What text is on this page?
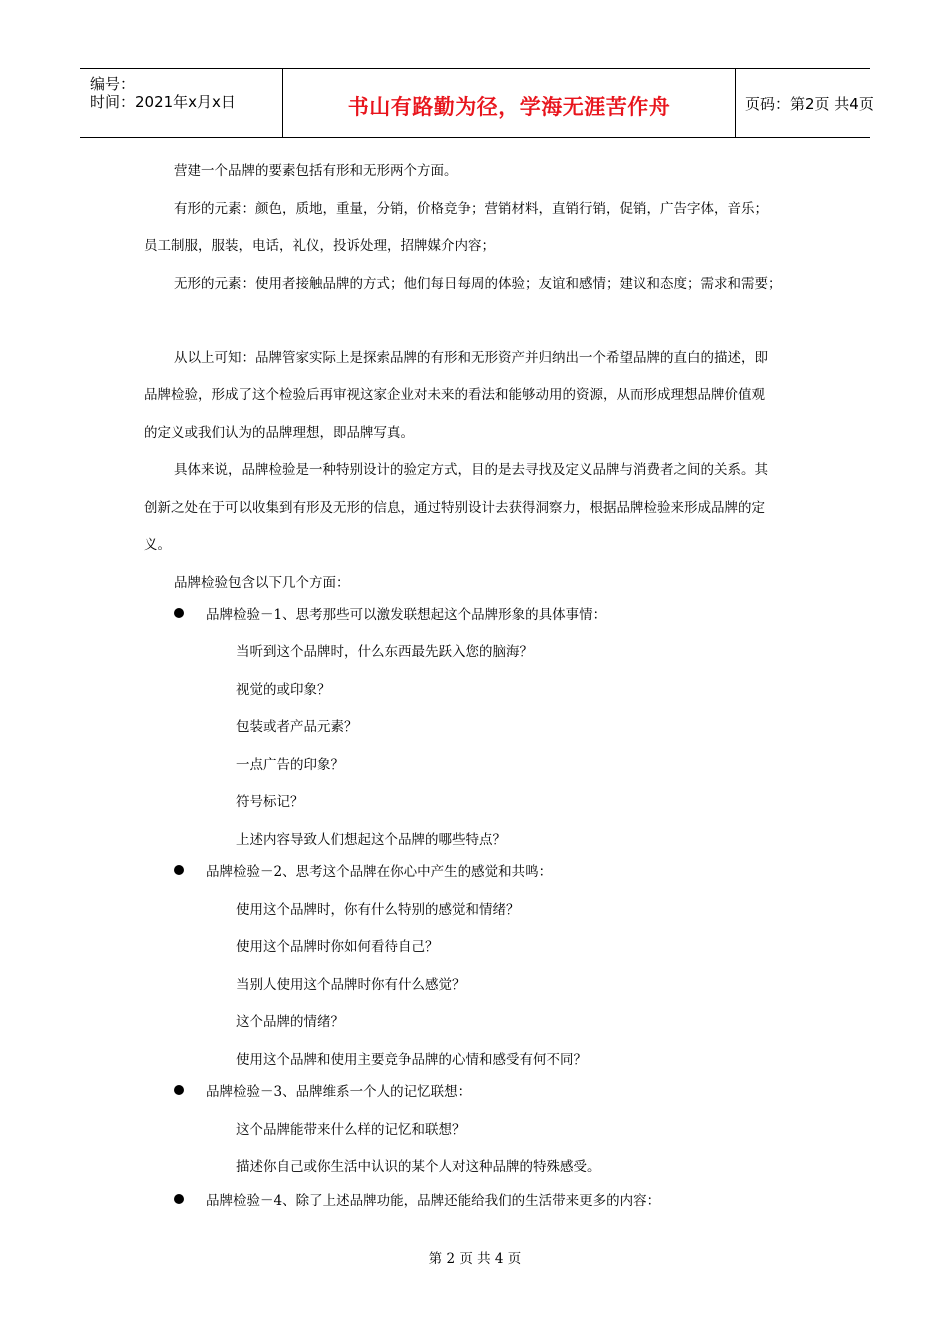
编号：
时间：2021年x月x日	书山有路勤为径，学海无涯苦作舟	页码：第2页 共4页
营建一个品牌的要素包括有形和无形两个方面。
有形的元素：颜色，质地，重量，分销，价格竞争；营销材料，直销行销，促销，广告字体，音乐；
员工制服，服装，电话，礼仪，投诉处理，招牌媒介内容；
无形的元素：使用者接触品牌的方式；他们每日每周的体验；友谊和感情；建议和态度；需求和需要；
从以上可知：品牌管家实际上是探索品牌的有形和无形资产并归纳出一个希望品牌的直白的描述，即
品牌检验，形成了这个检验后再审视这家企业对未来的看法和能够动用的资源，从而形成理想品牌价值观
的定义或我们认为的品牌理想，即品牌写真。
具体来说，品牌检验是一种特别设计的验定方式，目的是去寻找及定义品牌与消费者之间的关系。其
创新之处在于可以收集到有形及无形的信息，通过特别设计去获得洞察力，根据品牌检验来形成品牌的定
义。
品牌检验包含以下几个方面：
品牌检验－1、思考那些可以激发联想起这个品牌形象的具体事情：
当听到这个品牌时，什么东西最先跃入您的脑海？
视觉的或印象？
包装或者产品元素？
一点广告的印象？
符号标记？
上述内容导致人们想起这个品牌的哪些特点？
品牌检验－2、思考这个品牌在你心中产生的感觉和共鸣：
使用这个品牌时，你有什么特别的感觉和情绪？
使用这个品牌时你如何看待自己？
当别人使用这个品牌时你有什么感觉？
这个品牌的情绪？
使用这个品牌和使用主要竞争品牌的心情和感受有何不同？
品牌检验－3、品牌维系一个人的记忆联想：
这个品牌能带来什么样的记忆和联想？
描述你自己或你生活中认识的某个人对这种品牌的特殊感受。
品牌检验－4、除了上述品牌功能，品牌还能给我们的生活带来更多的内容：
第 2 页 共 4 页
